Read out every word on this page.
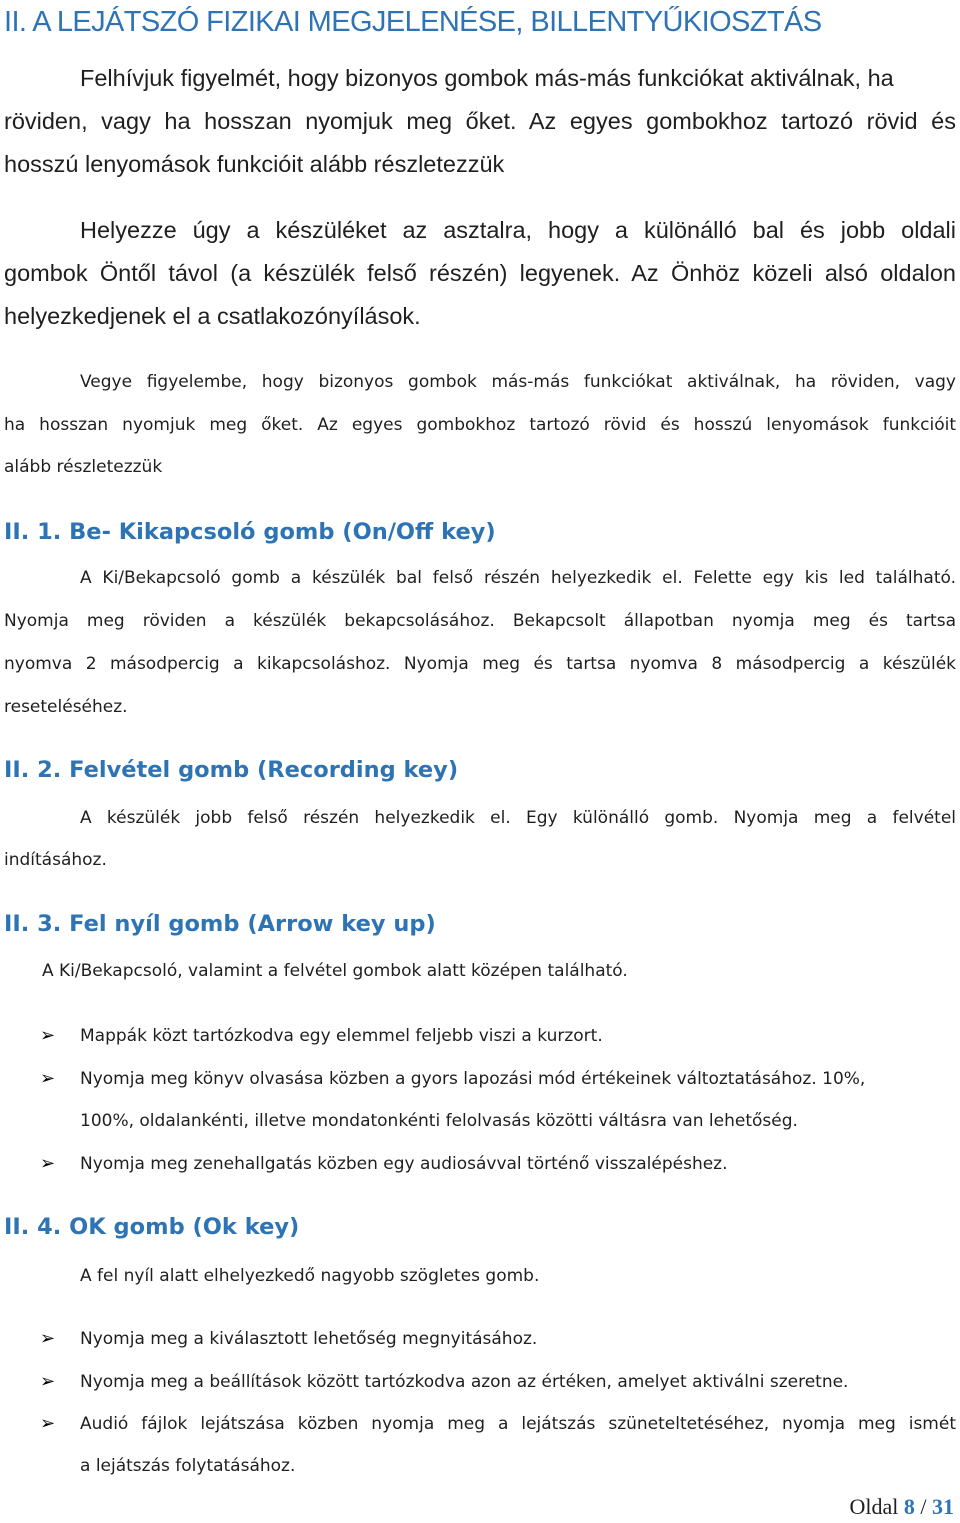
II. A LEJÁTSZÓ FIZIKAI MEGJELENÉSE, BILLENTYŰKIOSZTÁS
Felhívjuk figyelmét, hogy bizonyos gombok más-más funkciókat aktiválnak, ha
röviden, vagy ha hosszan nyomjuk meg őket. Az egyes gombokhoz tartozó rövid és
hosszú lenyomások funkcióit alább részletezzük
Helyezze úgy a készüléket az asztalra, hogy a különálló bal és jobb oldali
gombok Öntől távol (a készülék felső részén) legyenek. Az Önhöz közeli alsó oldalon
helyezkedjenek el a csatlakozónyílások.
Vegye figyelembe, hogy bizonyos gombok más-más funkciókat aktiválnak, ha röviden, vagy
ha hosszan nyomjuk meg őket. Az egyes gombokhoz tartozó rövid és hosszú lenyomások funkcióit
alább részletezzük
II. 1. Be- Kikapcsoló gomb (On/Off key)
A Ki/Bekapcsoló gomb a készülék bal felső részén helyezkedik el. Felette egy kis led található.
Nyomja meg röviden a készülék bekapcsolásához. Bekapcsolt állapotban nyomja meg és tartsa
nyomva 2 másodpercig a kikapcsoláshoz. Nyomja meg és tartsa nyomva 8 másodpercig a készülék
reseteléséhez.
II. 2. Felvétel gomb (Recording key)
A készülék jobb felső részén helyezkedik el. Egy különálló gomb. Nyomja meg a felvétel
indításához.
II. 3. Fel nyíl gomb (Arrow key up)
A Ki/Bekapcsoló, valamint a felvétel gombok alatt középen található.
➢ Mappák közt tartózkodva egy elemmel feljebb viszi a kurzort.
➢ Nyomja meg könyv olvasása közben a gyors lapozási mód értékeinek változtatásához. 10%,
100%, oldalankénti, illetve mondatonkénti felolvasás közötti váltásra van lehetőség.
➢ Nyomja meg zenehallgatás közben egy audiosávval történő visszalépéshez.
II. 4. OK gomb (Ok key)
A fel nyíl alatt elhelyezkedő nagyobb szögletes gomb.
➢ Nyomja meg a kiválasztott lehetőség megnyitásához.
➢ Nyomja meg a beállítások között tartózkodva azon az értéken, amelyet aktiválni szeretne.
➢ Audió fájlok lejátszása közben nyomja meg a lejátszás szüneteltetéséhez, nyomja meg ismét
a lejátszás folytatásához.
Oldal 8 / 31
